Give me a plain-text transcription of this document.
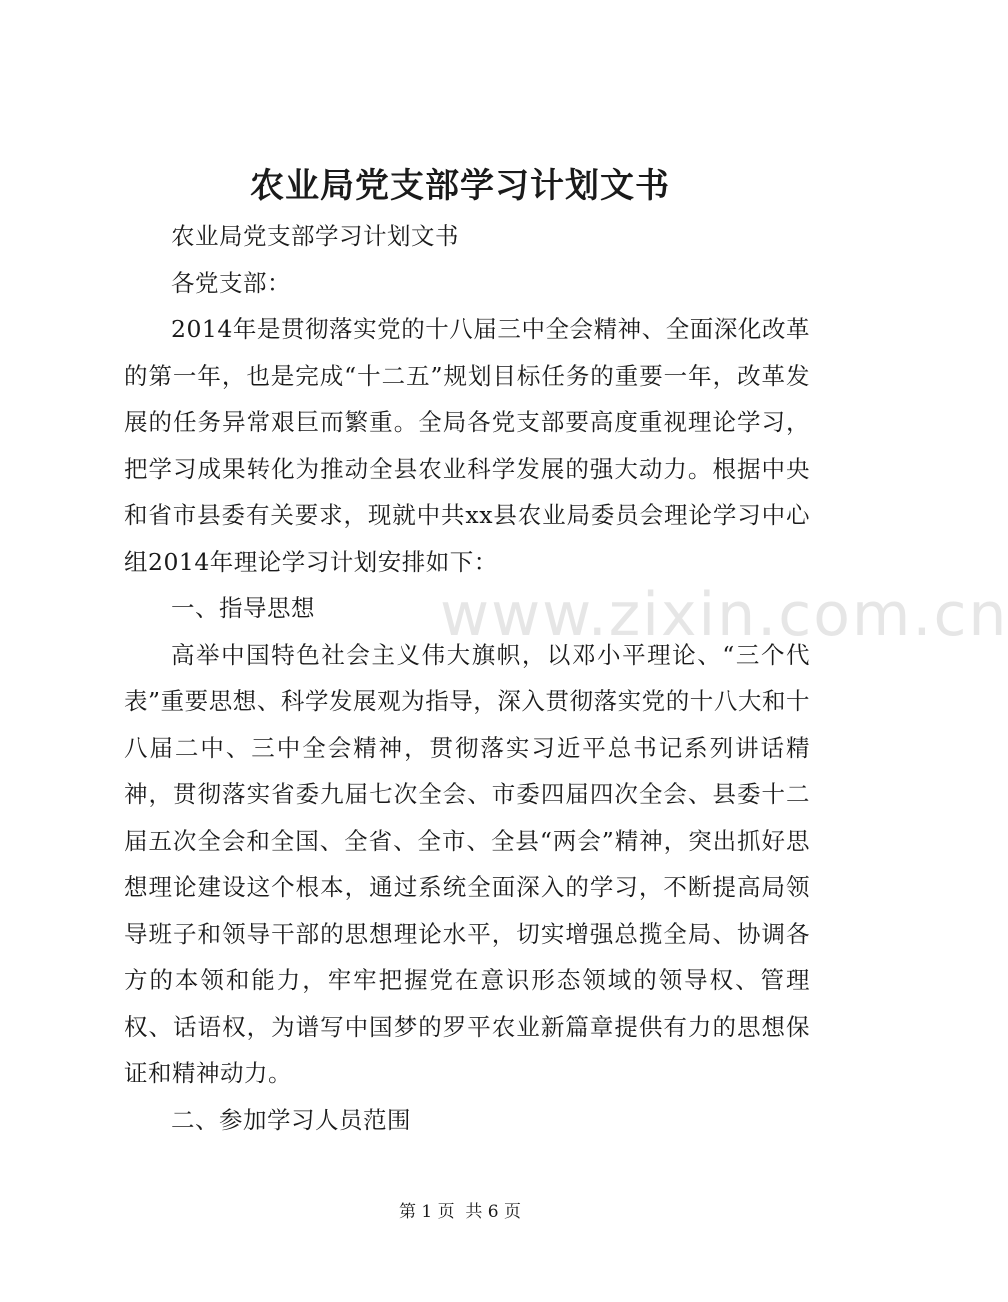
农业局党支部学习计划文书
www.zixin.com.cn

农业局党支部学习计划文书

各党支部：

2014年是贯彻落实党的十八届三中全会精神、全面深化改革的第一年，也是完成“十二五”规划目标任务的重要一年，改革发展的任务异常艰巨而繁重。全局各党支部要高度重视理论学习，把学习成果转化为推动全县农业科学发展的强大动力。根据中央和省市县委有关要求，现就中共xx县农业局委员会理论学习中心组2014年理论学习计划安排如下：

一、指导思想

高举中国特色社会主义伟大旗帜，以邓小平理论、“三个代表”重要思想、科学发展观为指导，深入贯彻落实党的十八大和十八届二中、三中全会精神，贯彻落实习近平总书记系列讲话精神，贯彻落实省委九届七次全会、市委四届四次全会、县委十二届五次全会和全国、全省、全市、全县“两会”精神，突出抓好思想理论建设这个根本，通过系统全面深入的学习，不断提高局领导班子和领导干部的思想理论水平，切实增强总揽全局、协调各方的本领和能力，牢牢把握党在意识形态领域的领导权、管理权、话语权，为谱写中国梦的罗平农业新篇章提供有力的思想保证和精神动力。

二、参加学习人员范围

第 1 页  共 6 页
